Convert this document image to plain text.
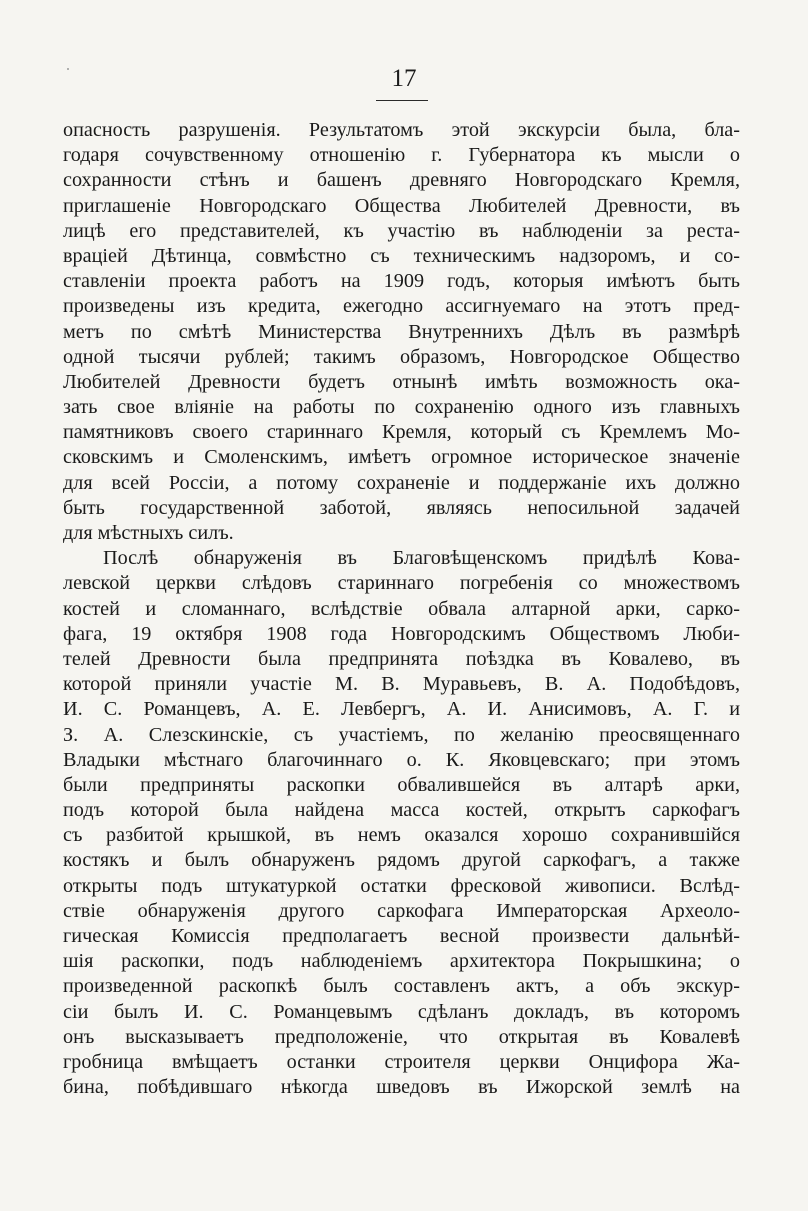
17
опасность разрушенія. Результатомъ этой экскурсіи была, бла-
годаря сочувственному отношенію г. Губернатора къ мысли о
сохранности стѣнъ и башенъ древняго Новгородскаго Кремля,
приглашеніе Новгородскаго Общества Любителей Древности, въ
лицѣ его представителей, къ участію въ наблюденіи за реста-
враціей Дѣтинца, совмѣстно съ техническимъ надзоромъ, и со-
ставленіи проекта работъ на 1909 годъ, которыя имѣютъ быть
произведены изъ кредита, ежегодно ассигнуемаго на этотъ пред-
метъ по смѣтѣ Министерства Внутреннихъ Дѣлъ въ размѣрѣ
одной тысячи рублей; такимъ образомъ, Новгородское Общество
Любителей Древности будетъ отнынѣ имѣть возможность ока-
зать свое вліяніе на работы по сохраненію одного изъ главныхъ
памятниковъ своего стариннаго Кремля, который съ Кремлемъ Мо-
сковскимъ и Смоленскимъ, имѣетъ огромное историческое значеніе
для всей Россіи, а потому сохраненіе и поддержаніе ихъ должно
быть государственной заботой, являясь непосильной задачей
для мѣстныхъ силъ.
Послѣ обнаруженія въ Благовѣщенскомъ придѣлѣ Кова-
левской церкви слѣдовъ стариннаго погребенія со множествомъ
костей и сломаннаго, вслѣдствіе обвала алтарной арки, сарко-
фага, 19 октября 1908 года Новгородскимъ Обществомъ Люби-
телей Древности была предпринята поѣздка въ Ковалево, въ
которой приняли участіе М. В. Муравьевъ, В. А. Подобѣдовъ,
И. С. Романцевъ, А. Е. Левбергъ, А. И. Анисимовъ, А. Г. и
З. А. Слезскинскіе, съ участіемъ, по желанію преосвященнаго
Владыки мѣстнаго благочиннаго о. К. Яковцевскаго; при этомъ
были предприняты раскопки обвалившейся въ алтарѣ арки,
подъ которой была найдена масса костей, открытъ саркофагъ
съ разбитой крышкой, въ немъ оказался хорошо сохранившійся
костякъ и былъ обнаруженъ рядомъ другой саркофагъ, а также
открыты подъ штукатуркой остатки фресковой живописи. Вслѣд-
ствіе обнаруженія другого саркофага Императорская Археоло-
гическая Комиссія предполагаетъ весной произвести дальнѣй-
шія раскопки, подъ наблюденіемъ архитектора Покрышкина; о
произведенной раскопкѣ былъ составленъ актъ, а объ экскур-
сіи былъ И. С. Романцевымъ сдѣланъ докладъ, въ которомъ
онъ высказываетъ предположеніе, что открытая въ Ковалевѣ
гробница вмѣщаетъ останки строителя церкви Онцифора Жа-
бина, побѣдившаго нѣкогда шведовъ въ Ижорской землѣ на
